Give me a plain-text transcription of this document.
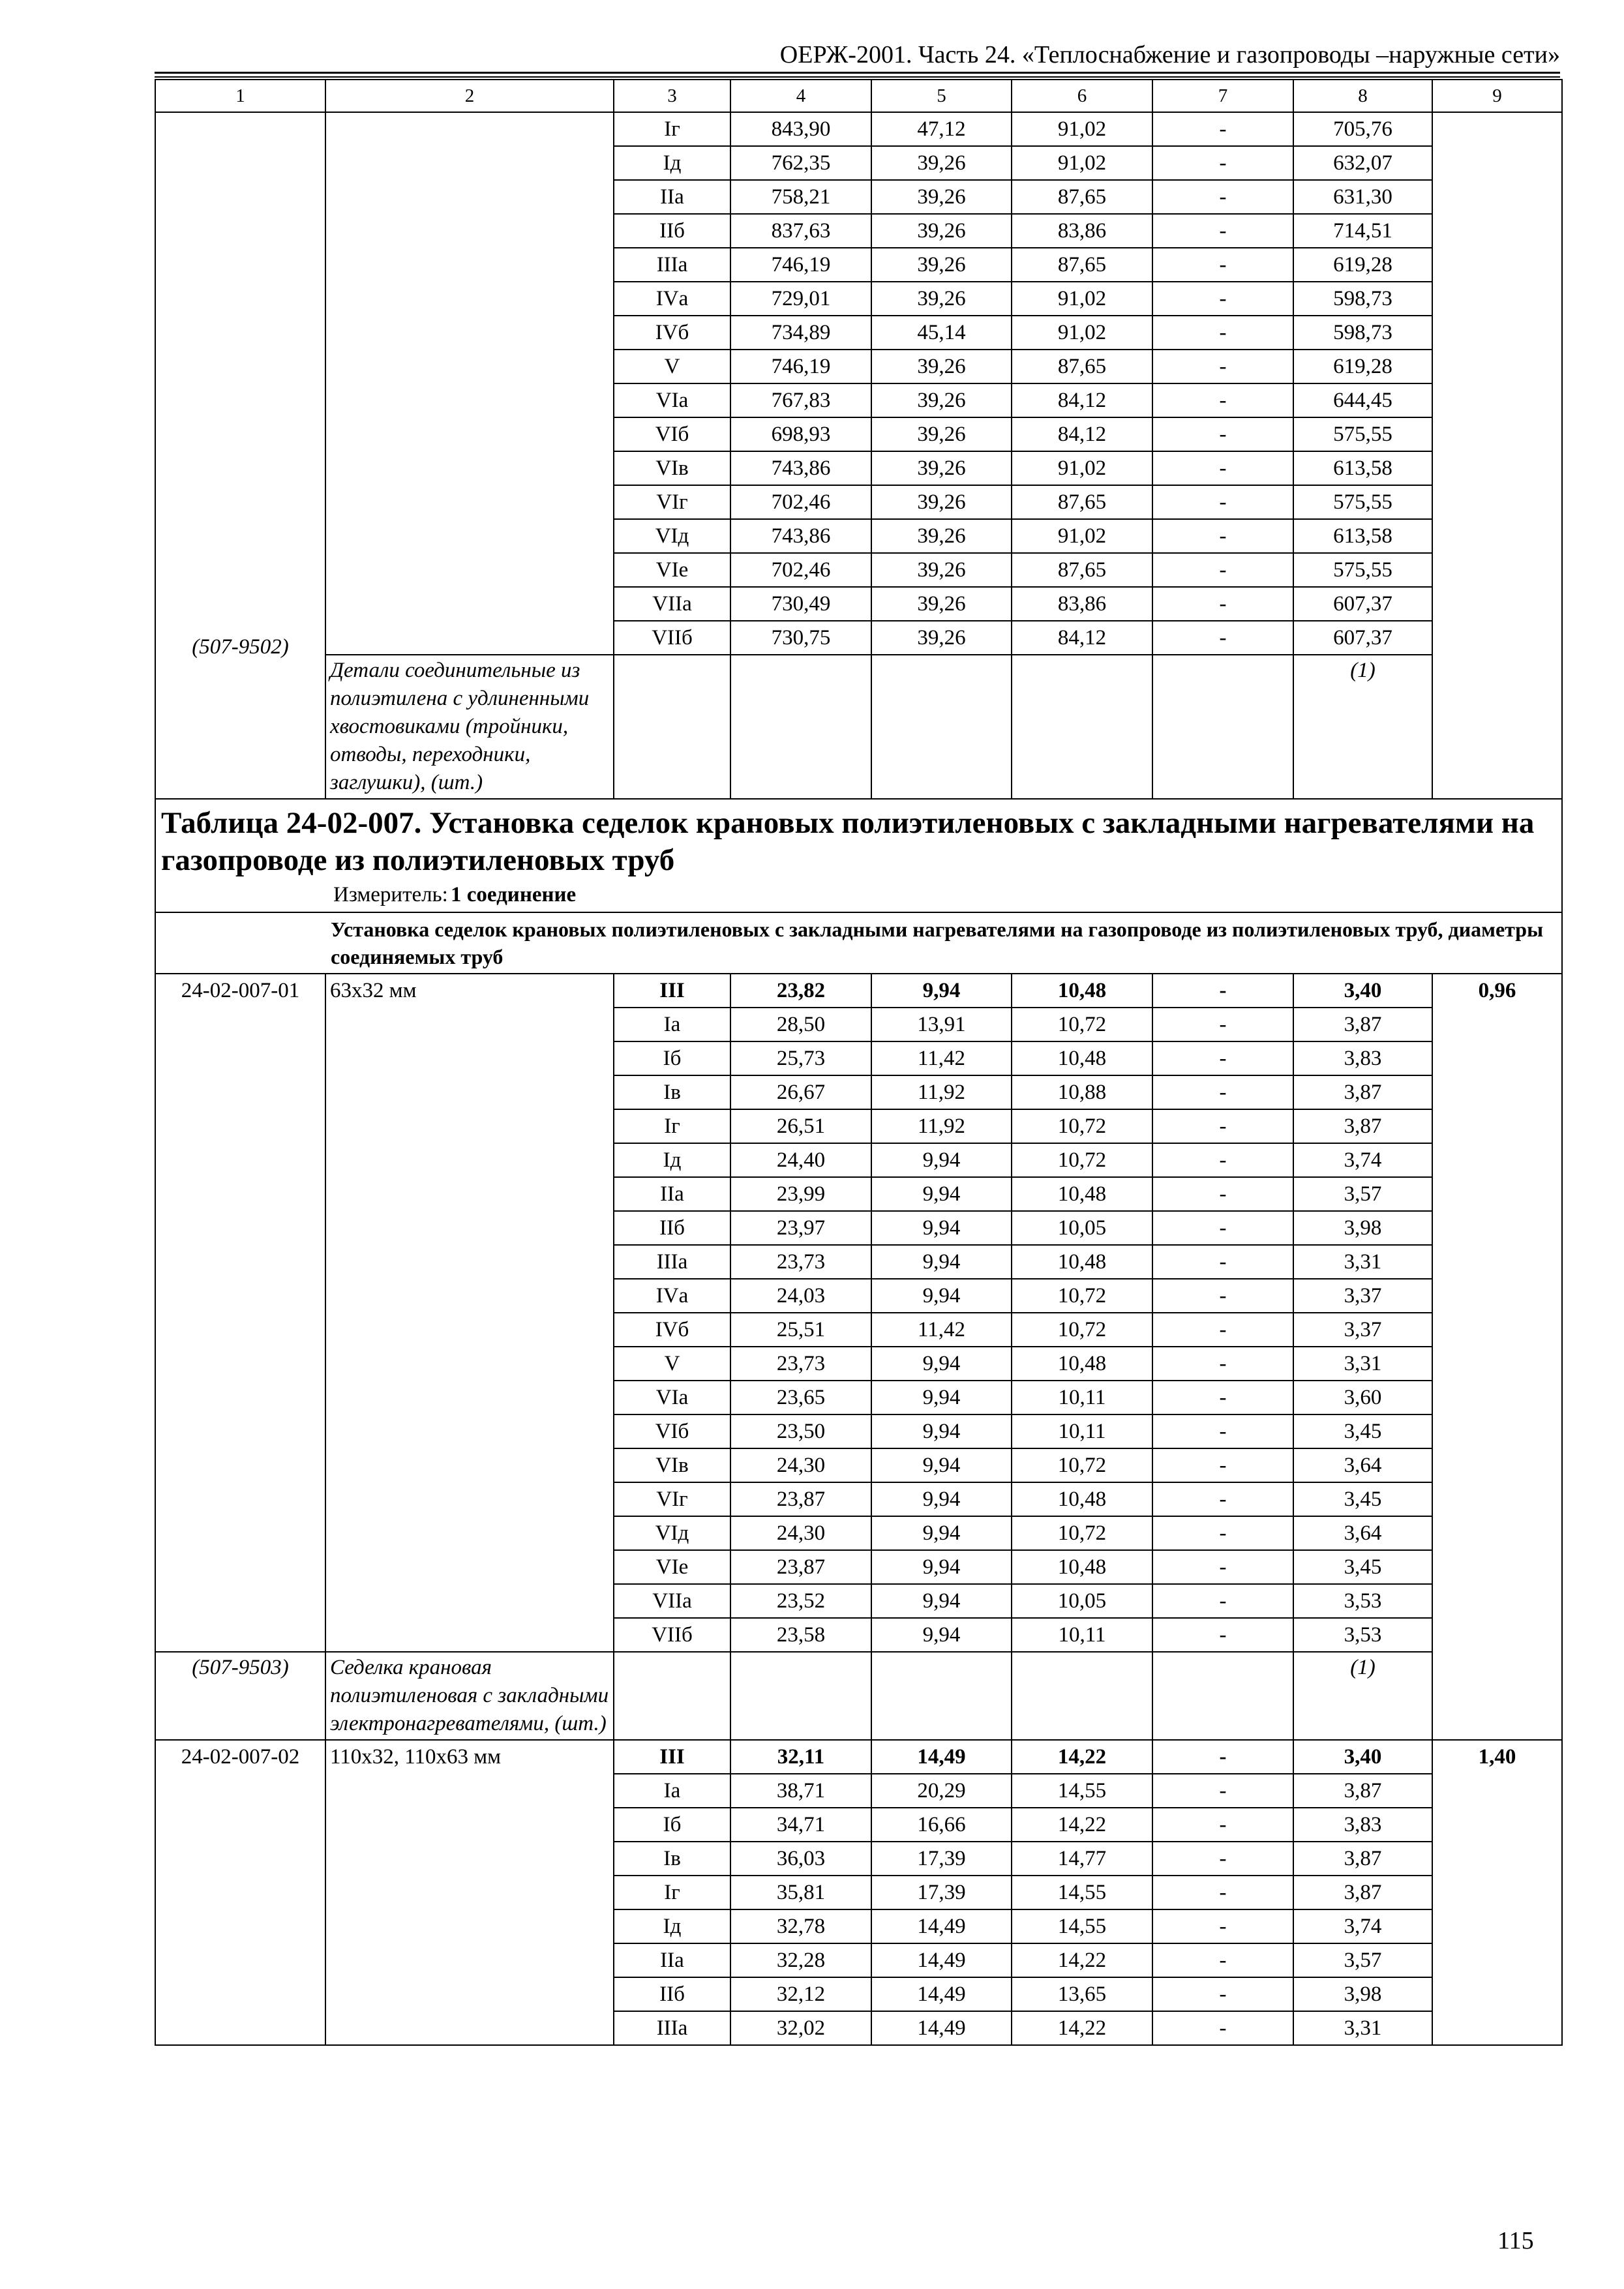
ОЕРЖ-2001. Часть 24. «Теплоснабжение и газопроводы –наружные сети»
1	2	3	4	5	6	7	8	9

(507-9502)		Iг	843,90	47,12	91,02	-	705,76	
		Iд	762,35	39,26	91,02	-	632,07	
		IIа	758,21	39,26	87,65	-	631,30	
		IIб	837,63	39,26	83,86	-	714,51	
		IIIа	746,19	39,26	87,65	-	619,28	
		IVа	729,01	39,26	91,02	-	598,73	
		IVб	734,89	45,14	91,02	-	598,73	
		V	746,19	39,26	87,65	-	619,28	
		VIа	767,83	39,26	84,12	-	644,45	
		VIб	698,93	39,26	84,12	-	575,55	
		VIв	743,86	39,26	91,02	-	613,58	
		VIг	702,46	39,26	87,65	-	575,55	
		VIд	743,86	39,26	91,02	-	613,58	
		VIе	702,46	39,26	87,65	-	575,55	
		VIIа	730,49	39,26	83,86	-	607,37	
		VIIб	730,75	39,26	84,12	-	607,37	
	Детали соединительные из полиэтилена с удлиненными хвостовиками (тройники, отводы, переходники, заглушки), (шт.)						(1)	

Таблица 24-02-007. Установка седелок крановых полиэтиленовых с закладными нагревателями на газопроводе из полиэтиленовых труб
Измеритель: 1 соединение								

	Установка седелок крановых полиэтиленовых с закладными нагревателями на газопроводе из полиэтиленовых труб, диаметры соединяемых труб							

24-02-007-01	63х32 мм	III	23,82	9,94	10,48	-	3,40	0,96
		Iа	28,50	13,91	10,72	-	3,87	
		Iб	25,73	11,42	10,48	-	3,83	
		Iв	26,67	11,92	10,88	-	3,87	
		Iг	26,51	11,92	10,72	-	3,87	
		Iд	24,40	9,94	10,72	-	3,74	
		IIа	23,99	9,94	10,48	-	3,57	
		IIб	23,97	9,94	10,05	-	3,98	
		IIIа	23,73	9,94	10,48	-	3,31	
		IVа	24,03	9,94	10,72	-	3,37	
		IVб	25,51	11,42	10,72	-	3,37	
		V	23,73	9,94	10,48	-	3,31	
		VIа	23,65	9,94	10,11	-	3,60	
		VIб	23,50	9,94	10,11	-	3,45	
		VIв	24,30	9,94	10,72	-	3,64	
		VIг	23,87	9,94	10,48	-	3,45	
		VIд	24,30	9,94	10,72	-	3,64	
		VIе	23,87	9,94	10,48	-	3,45	
		VIIа	23,52	9,94	10,05	-	3,53	
		VIIб	23,58	9,94	10,11	-	3,53	
(507-9503)	Седелка крановая полиэтиленовая с закладными электронагревателями, (шт.)						(1)	
24-02-007-02	110х32, 110х63 мм	III	32,11	14,49	14,22	-	3,40	1,40
		Iа	38,71	20,29	14,55	-	3,87	
		Iб	34,71	16,66	14,22	-	3,83	
		Iв	36,03	17,39	14,77	-	3,87	
		Iг	35,81	17,39	14,55	-	3,87	
		Iд	32,78	14,49	14,55	-	3,74	
		IIа	32,28	14,49	14,22	-	3,57	
		IIб	32,12	14,49	13,65	-	3,98	
		IIIа	32,02	14,49	14,22	-	3,31	
115
